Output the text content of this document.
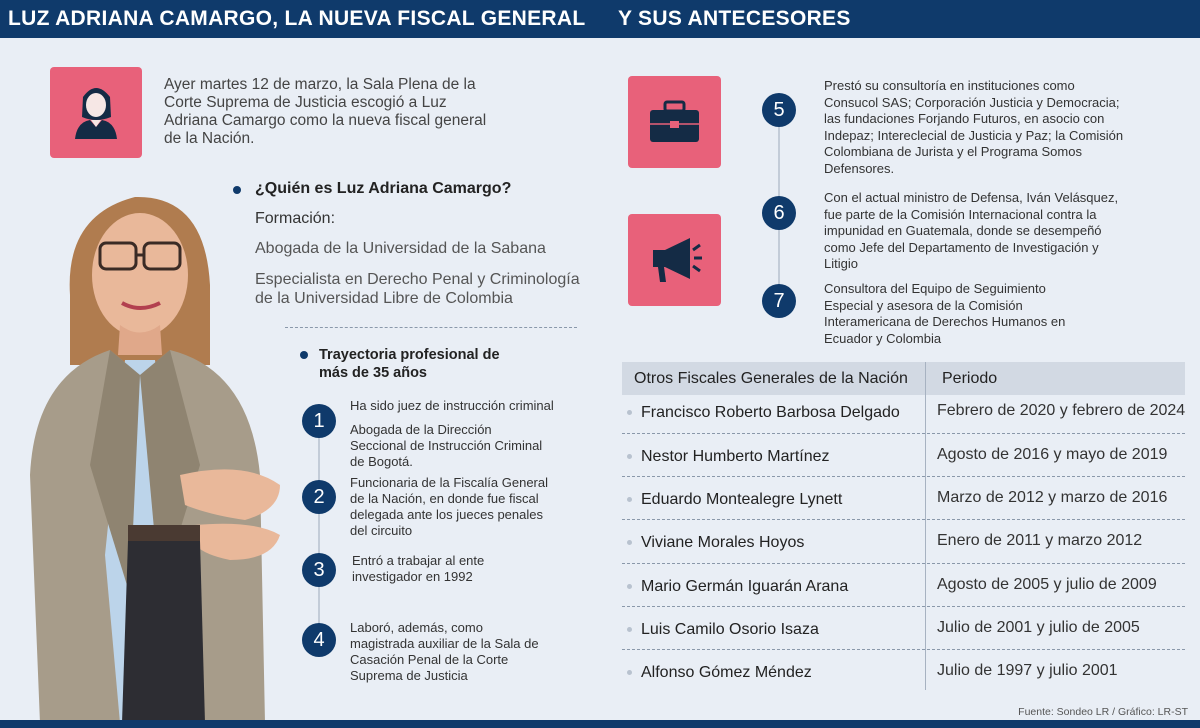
LUZ ADRIANA CAMARGO, LA NUEVA FISCAL GENERAL Y SUS ANTECESORES
Ayer martes 12 de marzo, la Sala Plena de la Corte Suprema de Justicia escogió a Luz Adriana Camargo como la nueva fiscal general de la Nación.
¿Quién es Luz Adriana Camargo?
Formación:
Abogada de la Universidad de la Sabana
Especialista en Derecho Penal y Criminología de la Universidad Libre de Colombia
Trayectoria profesional de más de 35 años
1
Ha sido juez de instrucción criminal
Abogada de la Dirección Seccional de Instrucción Criminal de Bogotá.
2
Funcionaria de la Fiscalía General de la Nación, en donde fue fiscal delegada ante los jueces penales del circuito
3	Entró a trabajar al ente investigador en 1992
4
Laboró, además, como magistrada auxiliar de la Sala de Casación Penal de la Corte Suprema de Justicia
5
Prestó su consultoría en instituciones como Consucol SAS; Corporación Justicia y Democracia; las fundaciones Forjando Futuros, en asocio con Indepaz; Intereclecial de Justicia y Paz; la Comisión Colombiana de Jurista y el Programa Somos Defensores.
6
Con el actual ministro de Defensa, Iván Velásquez, fue parte de la Comisión Internacional contra la impunidad en Guatemala, donde se desempeñó como Jefe del Departamento de Investigación y Litigio
7
Consultora del Equipo de Seguimiento Especial y asesora de la Comisión Interamericana de Derechos Humanos en Ecuador y Colombia
Otros Fiscales Generales de la Nación Periodo
Francisco Roberto Barbosa Delgado Febrero de 2020 y febrero de 2024
Nestor Humberto Martínez	Agosto de 2016 y mayo de 2019
Eduardo Montealegre Lynett	Marzo de 2012 y marzo de 2016
Viviane Morales Hoyos	Enero de 2011 y marzo 2012
Mario Germán Iguarán Arana	Agosto de 2005 y julio de 2009
Luis Camilo Osorio Isaza	Julio de 2001 y julio de 2005
Alfonso Gómez Méndez	Julio de 1997 y julio 2001
Fuente: Sondeo LR / Gráfico: LR-ST
